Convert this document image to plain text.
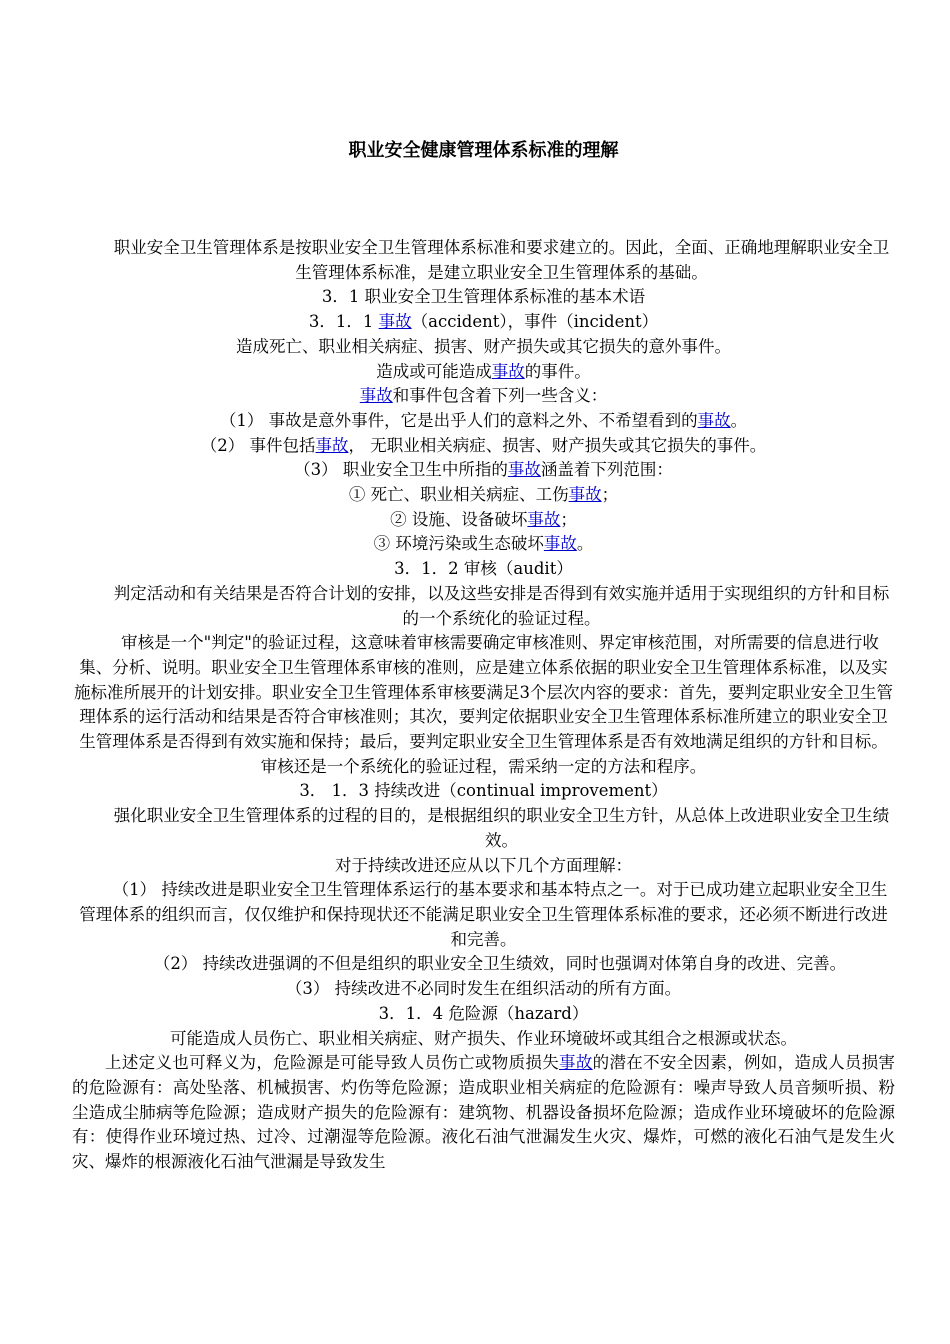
职业安全健康管理体系标准的理解

职业安全卫生管理体系是按职业安全卫生管理体系标准和要求建立的。因此，全面、正确地理解职业安全卫生管理体系标准，是建立职业安全卫生管理体系的基础。

3．1 职业安全卫生管理体系标准的基本术语

3．1．1 事故（accident），事件（incident）

造成死亡、职业相关病症、损害、财产损失或其它损失的意外事件。

造成或可能造成事故的事件。

事故和事件包含着下列一些含义：

（1） 事故是意外事件，它是出乎人们的意料之外、不希望看到的事故。

（2） 事件包括事故， 无职业相关病症、损害、财产损失或其它损失的事件。

（3） 职业安全卫生中所指的事故涵盖着下列范围：

① 死亡、职业相关病症、工伤事故；

② 设施、设备破坏事故；

③ 环境污染或生态破坏事故。

3．1．2 审核（audit）

判定活动和有关结果是否符合计划的安排，以及这些安排是否得到有效实施并适用于实现组织的方针和目标的一个系统化的验证过程。

审核是一个"判定"的验证过程，这意味着审核需要确定审核准则、界定审核范围，对所需要的信息进行收集、分析、说明。职业安全卫生管理体系审核的准则，应是建立体系依据的职业安全卫生管理体系标准，以及实施标准所展开的计划安排。职业安全卫生管理体系审核要满足3个层次内容的要求：首先，要判定职业安全卫生管理体系的运行活动和结果是否符合审核准则；其次，要判定依据职业安全卫生管理体系标准所建立的职业安全卫生管理体系是否得到有效实施和保持；最后，要判定职业安全卫生管理体系是否有效地满足组织的方针和目标。

审核还是一个系统化的验证过程，需采纳一定的方法和程序。

3． 1．3 持续改进（continual improvement）

强化职业安全卫生管理体系的过程的目的，是根据组织的职业安全卫生方针，从总体上改进职业安全卫生绩效。

对于持续改进还应从以下几个方面理解：

（1） 持续改进是职业安全卫生管理体系运行的基本要求和基本特点之一。对于已成功建立起职业安全卫生管理体系的组织而言，仅仅维护和保持现状还不能满足职业安全卫生管理体系标准的要求，还必须不断进行改进和完善。

（2） 持续改进强调的不但是组织的职业安全卫生绩效，同时也强调对体第自身的改进、完善。

（3） 持续改进不必同时发生在组织活动的所有方面。

3．1．4 危险源（hazard）

可能造成人员伤亡、职业相关病症、财产损失、作业环境破坏或其组合之根源或状态。

上述定义也可释义为，危险源是可能导致人员伤亡或物质损失事故的潜在不安全因素，例如，造成人员损害的危险源有：高处坠落、机械损害、灼伤等危险源；造成职业相关病症的危险源有：噪声导致人员音频听损、粉尘造成尘肺病等危险源；造成财产损失的危险源有：建筑物、机器设备损坏危险源；造成作业环境破坏的危险源有：使得作业环境过热、过冷、过潮湿等危险源。液化石油气泄漏发生火灾、爆炸，可燃的液化石油气是发生火灾、爆炸的根源液化石油气泄漏是导致发生
